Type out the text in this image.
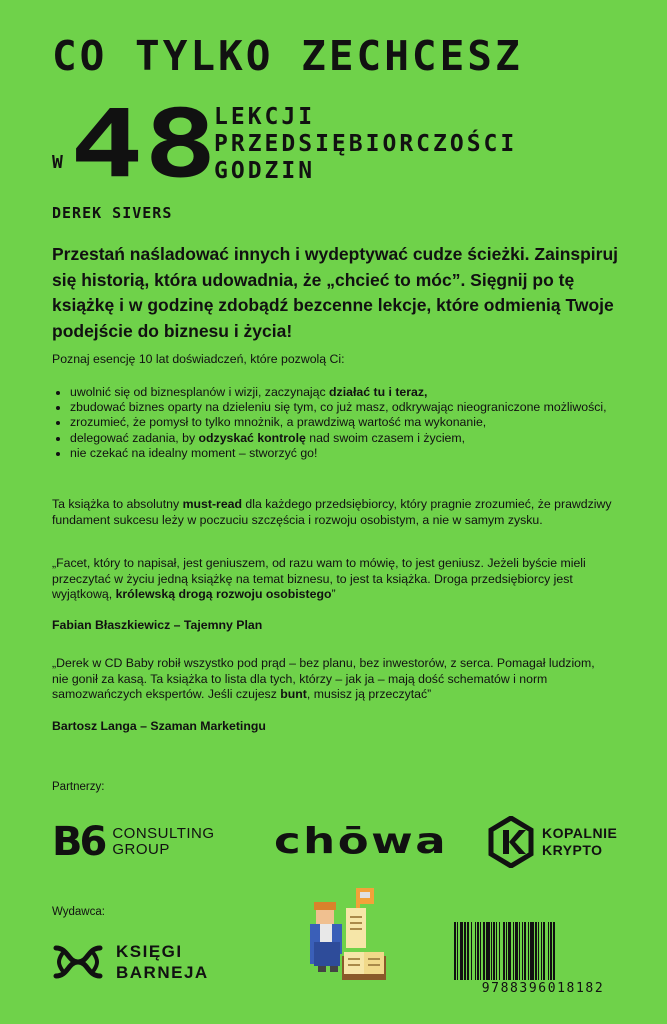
CO TYLKO ZECHCESZ
W 48
LEKCJI
PRZEDSIĘBIORCZOŚCI
GODZIN
DEREK SIVERS
Przestań naśladować innych i wydeptywać cudze ścieżki. Zainspiruj się historią, która udowadnia, że „chcieć to móc”. Sięgnij po tę książkę i w godzinę zdobądź bezcenne lekcje, które odmienią Twoje podejście do biznesu i życia!
Poznaj esencję 10 lat doświadczeń, które pozwolą Ci:
• uwolnić się od biznesplanów i wizji, zaczynając działać tu i teraz,
• zbudować biznes oparty na dzieleniu się tym, co już masz, odkrywając nieograniczone możliwości,
• zrozumieć, że pomysł to tylko mnożnik, a prawdziwą wartość ma wykonanie,
• delegować zadania, by odzyskać kontrolę nad swoim czasem i życiem,
• nie czekać na idealny moment – stworzyć go!
Ta książka to absolutny must-read dla każdego przedsiębiorcy, który pragnie zrozumieć, że prawdziwy fundament sukcesu leży w poczuciu szczęścia i rozwoju osobistym, a nie w samym zysku.
„Facet, który to napisał, jest geniuszem, od razu wam to mówię, to jest geniusz. Jeżeli byście mieli przeczytać w życiu jedną książkę na temat biznesu, to jest ta książka. Droga przedsiębiorcy jest wyjątkową, królewską drogą rozwoju osobistego”
Fabian Błaszkiewicz – Tajemny Plan
„Derek w CD Baby robił wszystko pod prąd – bez planu, bez inwestorów, z serca. Pomagał ludziom, nie gonił za kasą. Ta książka to lista dla tych, którzy – jak ja – mają dość schematów i norm samozwańczych ekspertów. Jeśli czujesz bunt, musisz ją przeczytać”
Bartosz Langa – Szaman Marketingu
Partnerzy:
B6 CONSULTING
GROUP	chōwa	KOPALNIE
KRYPTO
Wydawca:
KSIĘGI
BARNEJA
9788396018182
